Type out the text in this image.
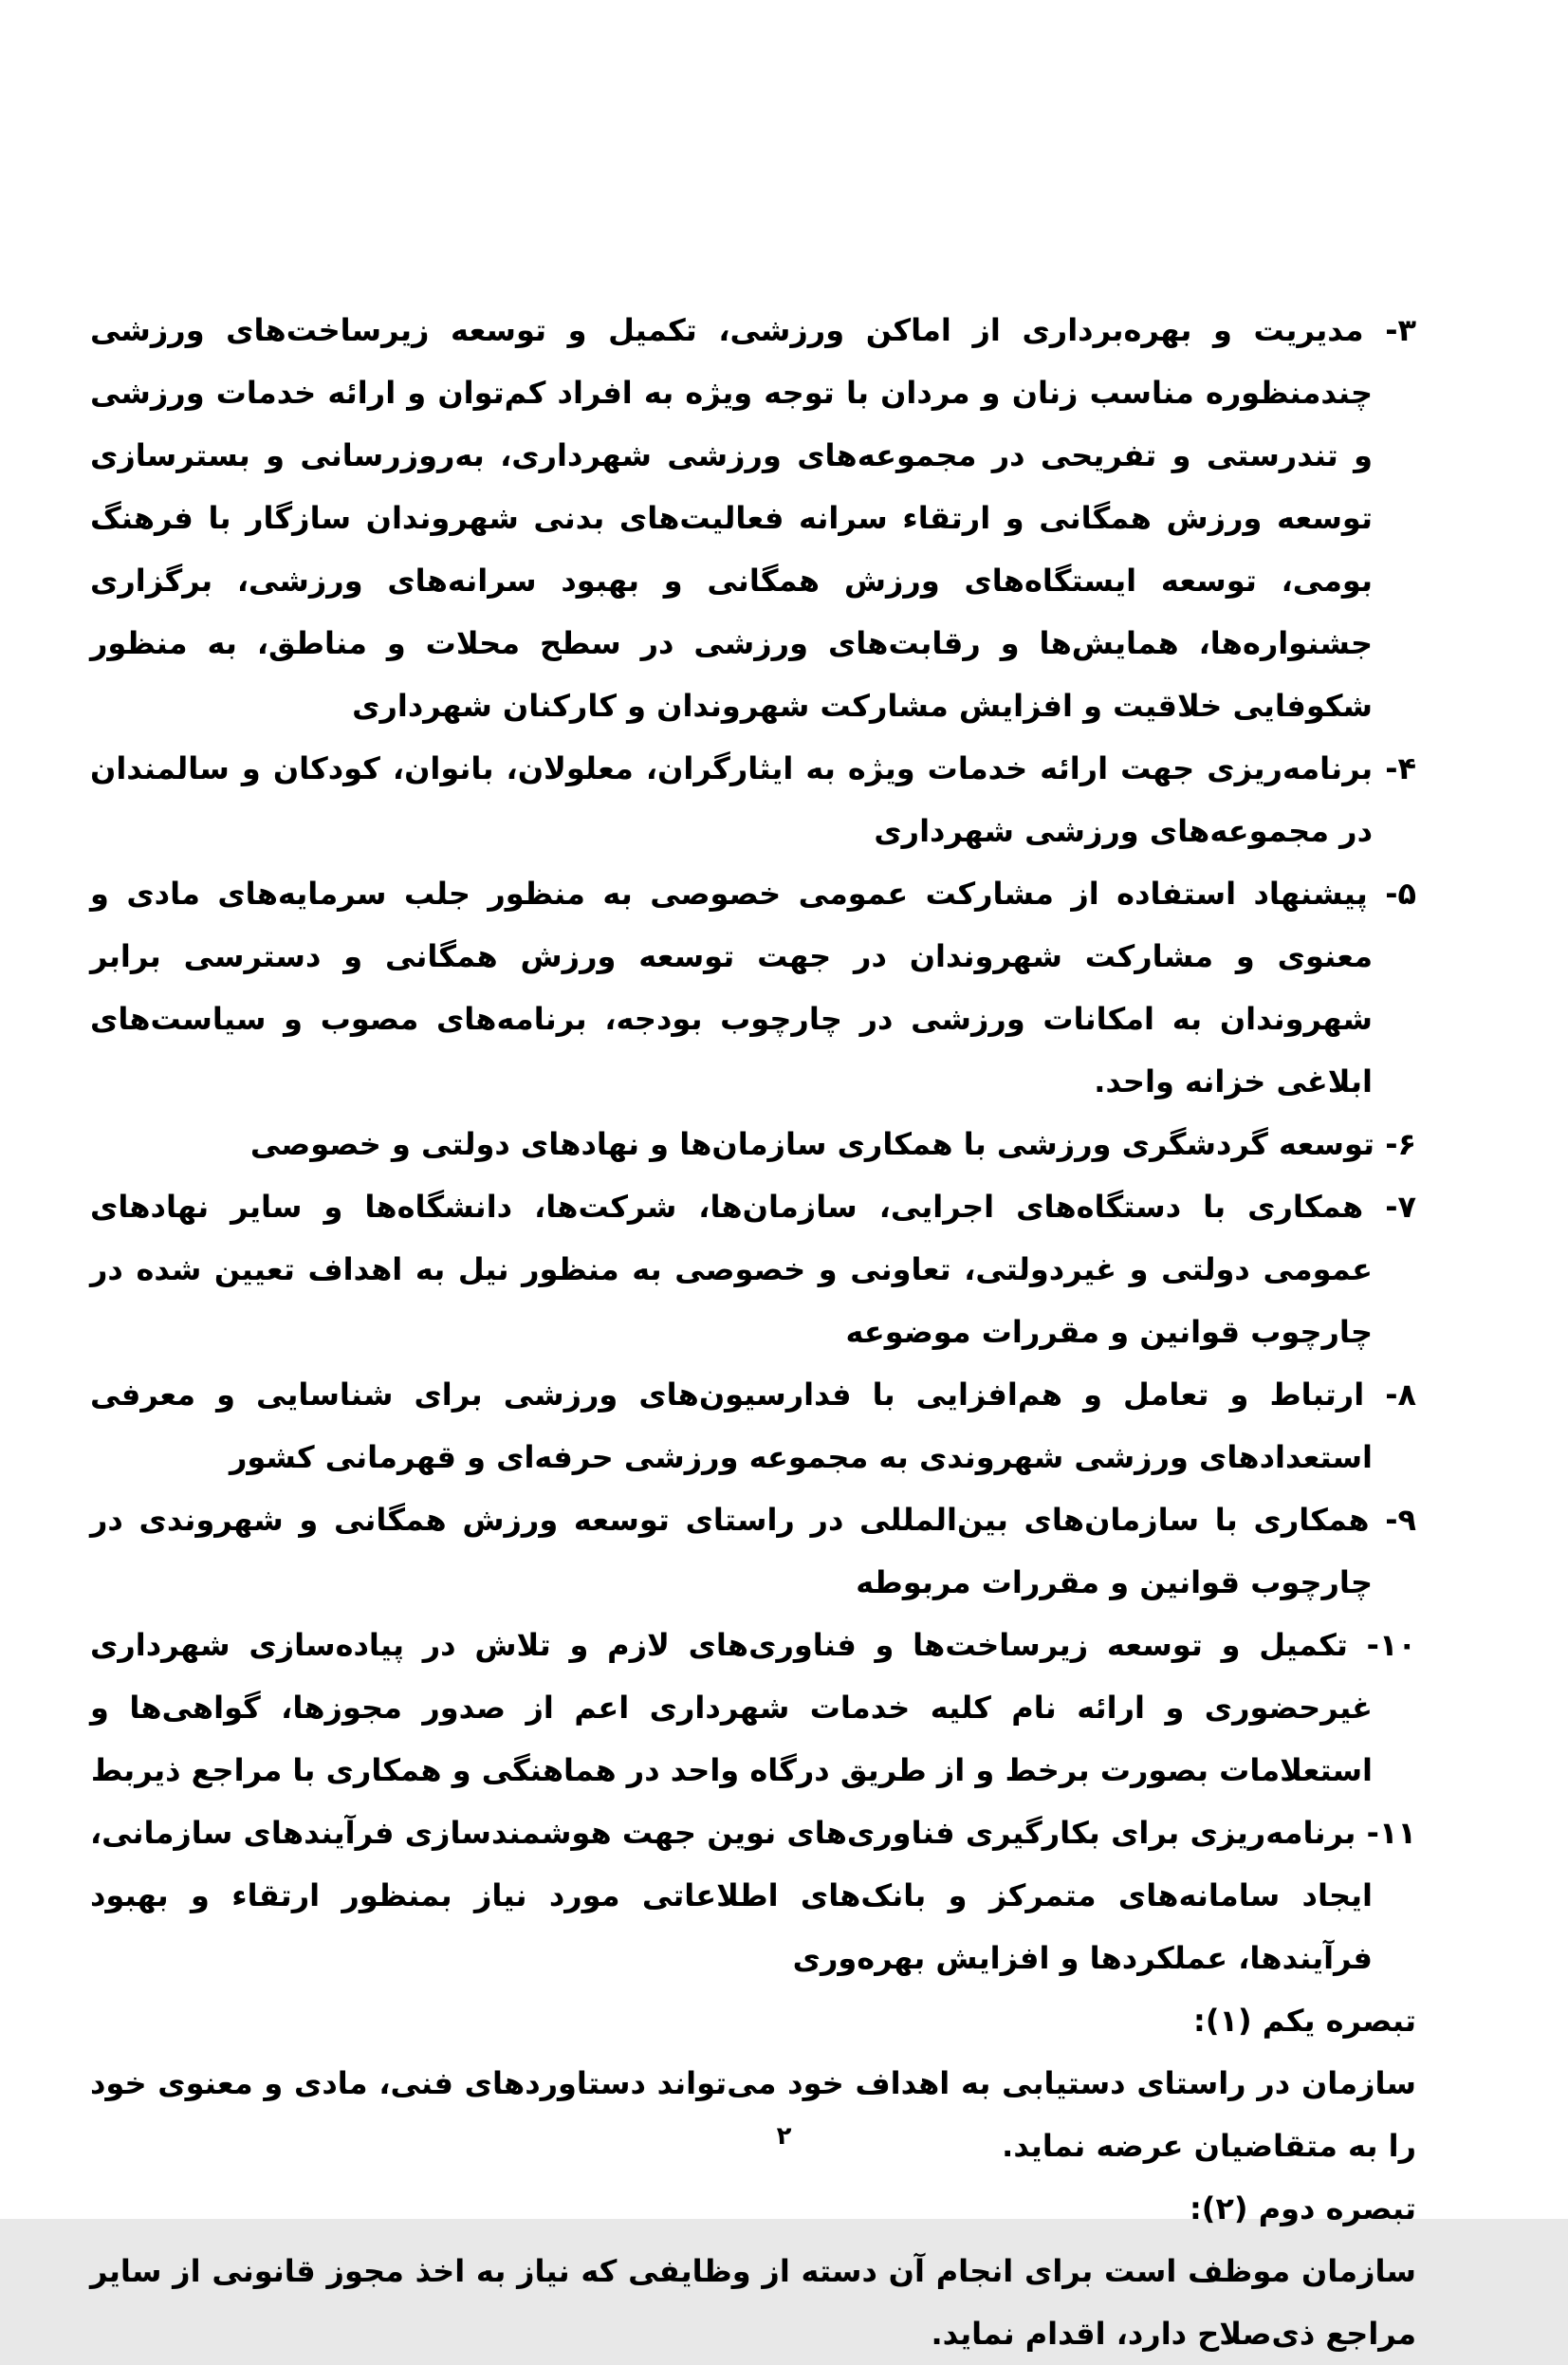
۳- مدیریت و بهره‌برداری از اماکن ورزشی، تکمیل و توسعه زیرساخت‌های ورزشی چندمنظوره مناسب زنان و مردان با توجه ویژه به افراد کم‌توان و ارائه خدمات ورزشی و تندرستی و تفریحی در مجموعه‌های ورزشی شهرداری، به‌روزرسانی و بسترسازی توسعه ورزش همگانی و ارتقاء سرانه فعالیت‌های بدنی شهروندان سازگار با فرهنگ بومی، توسعه ایستگاه‌های ورزش همگانی و بهبود سرانه‌های ورزشی، برگزاری جشنواره‌ها، همایش‌ها و رقابت‌های ورزشی در سطح محلات و مناطق، به منظور شکوفایی خلاقیت و افزایش مشارکت شهروندان و کارکنان شهرداری
۴- برنامه‌ریزی جهت ارائه خدمات ویژه به ایثارگران، معلولان، بانوان، کودکان و سالمندان در مجموعه‌های ورزشی شهرداری
۵- پیشنهاد استفاده از مشارکت عمومی خصوصی به منظور جلب سرمایه‌های مادی و معنوی و مشارکت شهروندان در جهت توسعه ورزش همگانی و دسترسی برابر شهروندان به امکانات ورزشی در چارچوب بودجه، برنامه‌های مصوب و سیاست‌های ابلاغی خزانه واحد.
۶- توسعه گردشگری ورزشی با همکاری سازمان‌ها و نهادهای دولتی و خصوصی
۷- همکاری با دستگاه‌های اجرایی، سازمان‌ها، شرکت‌ها، دانشگاه‌ها و سایر نهادهای عمومی دولتی و غیردولتی، تعاونی و خصوصی به منظور نیل به اهداف تعیین شده در چارچوب قوانین و مقررات موضوعه
۸- ارتباط و تعامل و هم‌افزایی با فدارسیون‌های ورزشی برای شناسایی و معرفی استعدادهای ورزشی شهروندی به مجموعه ورزشی حرفه‌ای و قهرمانی کشور
۹- همکاری با سازمان‌های بین‌المللی در راستای توسعه ورزش همگانی و شهروندی در چارچوب قوانین و مقررات مربوطه
۱۰- تکمیل و توسعه زیرساخت‌ها و فناوری‌های لازم و تلاش در پیاده‌سازی شهرداری غیرحضوری و ارائه نام کلیه خدمات شهرداری اعم از صدور مجوزها، گواهی‌ها و استعلامات بصورت برخط و از طریق درگاه واحد در هماهنگی و همکاری با مراجع ذیربط
۱۱- برنامه‌ریزی برای بکارگیری فناوری‌های نوین جهت هوشمندسازی فرآیندهای سازمانی، ایجاد سامانه‌های متمرکز و بانک‌های اطلاعاتی مورد نیاز بمنظور ارتقاء و بهبود فرآیندها، عملکردها و افزایش بهره‌وری
تبصره یکم (۱):
سازمان در راستای دستیابی به اهداف خود می‌تواند دستاوردهای فنی، مادی و معنوی خود را به متقاضیان عرضه نماید.
تبصره دوم (۲):
سازمان موظف است برای انجام آن دسته از وظایفی که نیاز به اخذ مجوز قانونی از سایر مراجع ذی‌صلاح دارد، اقدام نماید.
۲
